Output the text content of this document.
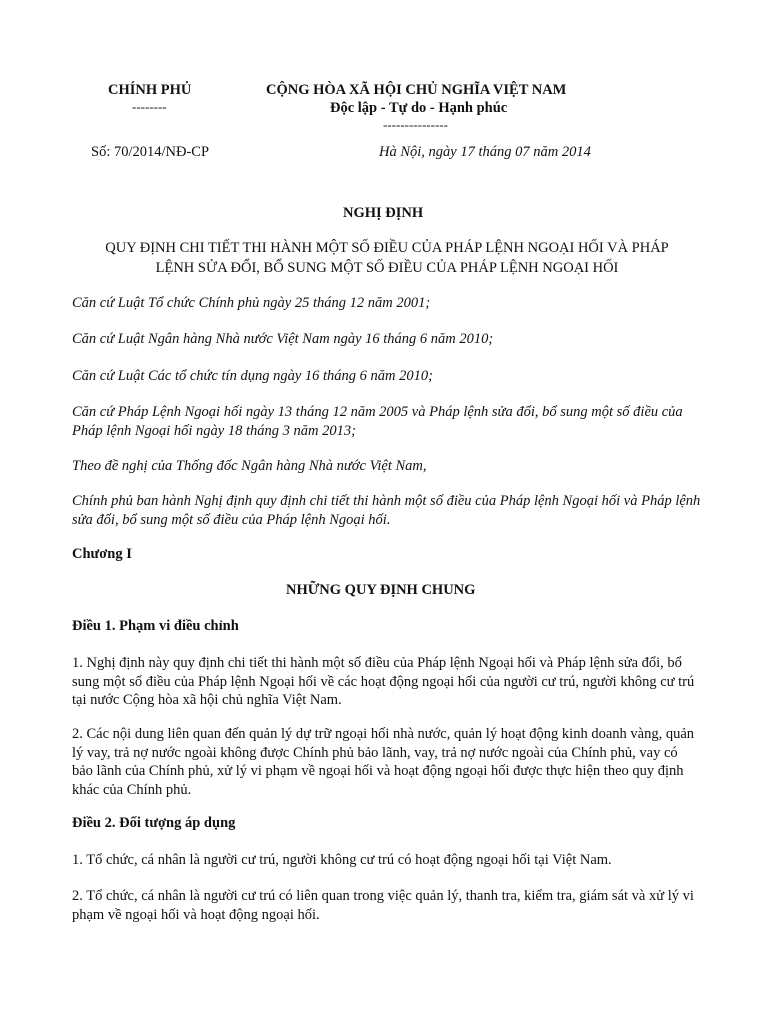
CHÍNH PHỦ
--------
CỘNG HÒA XÃ HỘI CHỦ NGHĨA VIỆT NAM
Độc lập - Tự do - Hạnh phúc
---------------
Số: 70/2014/NĐ-CP	Hà Nội, ngày 17 tháng 07 năm 2014
NGHỊ ĐỊNH
QUY ĐỊNH CHI TIẾT THI HÀNH MỘT SỐ ĐIỀU CỦA PHÁP LỆNH NGOẠI HỐI VÀ PHÁP
LỆNH SỬA ĐỔI, BỔ SUNG MỘT SỐ ĐIỀU CỦA PHÁP LỆNH NGOẠI HỐI
Căn cứ Luật Tổ chức Chính phủ ngày 25 tháng 12 năm 2001;
Căn cứ Luật Ngân hàng Nhà nước Việt Nam ngày 16 tháng 6 năm 2010;
Căn cứ Luật Các tổ chức tín dụng ngày 16 tháng 6 năm 2010;
Căn cứ Pháp Lệnh Ngoại hối ngày 13 tháng 12 năm 2005 và Pháp lệnh sửa đổi, bổ sung một số điều của Pháp lệnh Ngoại hối ngày 18 tháng 3 năm 2013;
Theo đề nghị của Thống đốc Ngân hàng Nhà nước Việt Nam,
Chính phủ ban hành Nghị định quy định chi tiết thi hành một số điều của Pháp lệnh Ngoại hối và Pháp lệnh sửa đổi, bổ sung một số điều của Pháp lệnh Ngoại hối.
Chương I
NHỮNG QUY ĐỊNH CHUNG
Điều 1. Phạm vi điều chỉnh
1. Nghị định này quy định chi tiết thi hành một số điều của Pháp lệnh Ngoại hối và Pháp lệnh sửa đổi, bổ sung một số điều của Pháp lệnh Ngoại hối về các hoạt động ngoại hối của người cư trú, người không cư trú tại nước Cộng hòa xã hội chủ nghĩa Việt Nam.
2. Các nội dung liên quan đến quản lý dự trữ ngoại hối nhà nước, quản lý hoạt động kinh doanh vàng, quản lý vay, trả nợ nước ngoài không được Chính phủ bảo lãnh, vay, trả nợ nước ngoài của Chính phủ, vay có bảo lãnh của Chính phủ, xử lý vi phạm về ngoại hối và hoạt động ngoại hối được thực hiện theo quy định khác của Chính phủ.
Điều 2. Đối tượng áp dụng
1. Tổ chức, cá nhân là người cư trú, người không cư trú có hoạt động ngoại hối tại Việt Nam.
2. Tổ chức, cá nhân là người cư trú có liên quan trong việc quản lý, thanh tra, kiểm tra, giám sát và xử lý vi phạm về ngoại hối và hoạt động ngoại hối.
